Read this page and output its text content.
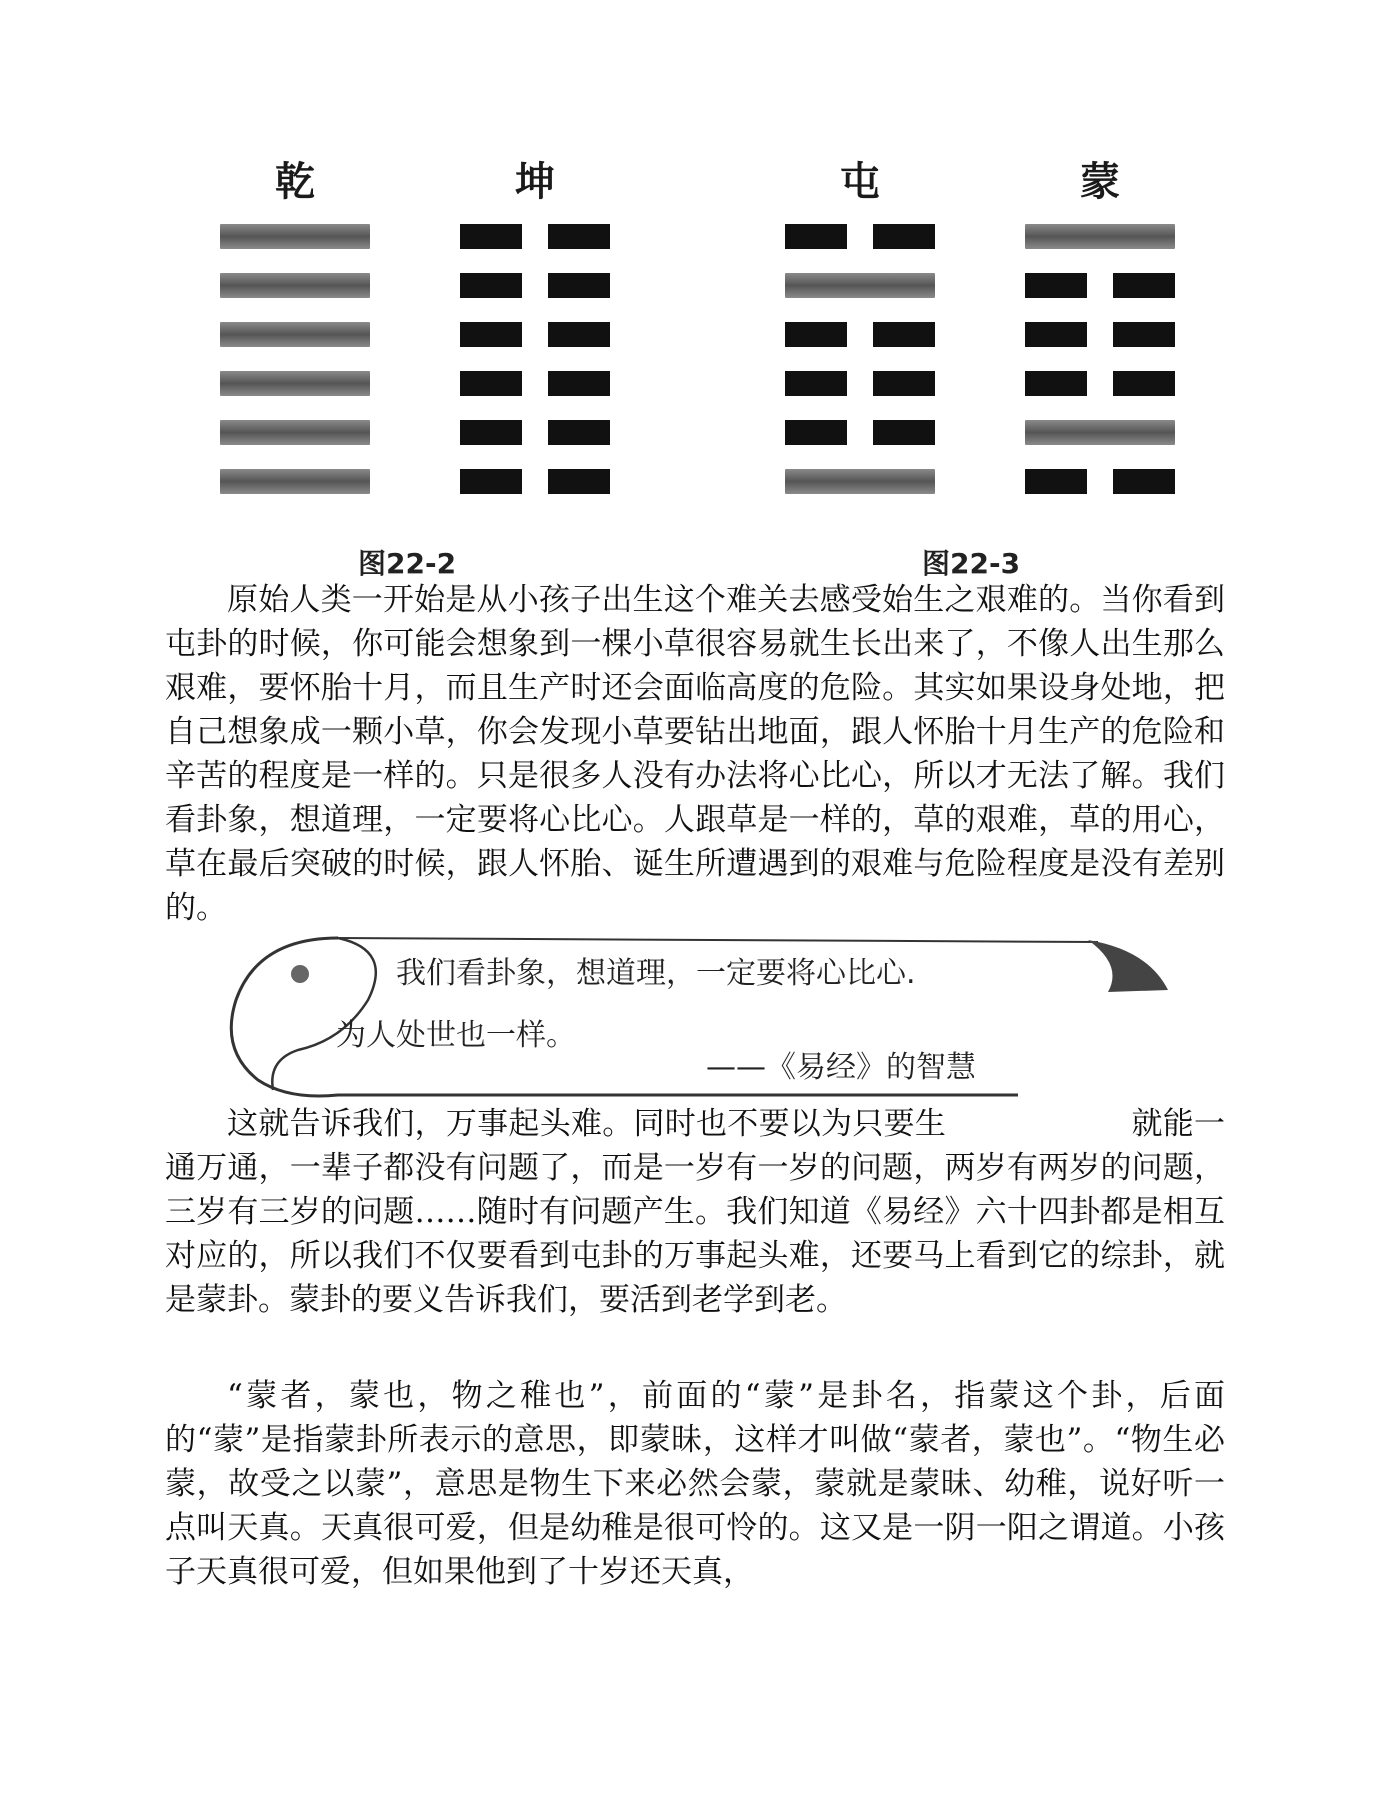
乾	坤	屯	蒙
图22-2	图22-3

原始人类一开始是从小孩子出生这个难关去感受始生之艰难的。当你看到屯卦的时候，你可能会想象到一棵小草很容易就生长出来了，不像人出生那么艰难，要怀胎十月，而且生产时还会面临高度的危险。其实如果设身处地，把自己想象成一颗小草，你会发现小草要钻出地面，跟人怀胎十月生产的危险和辛苦的程度是一样的。只是很多人没有办法将心比心，所以才无法了解。我们看卦象，想道理，一定要将心比心。人跟草是一样的，草的艰难，草的用心，草在最后突破的时候，跟人怀胎、诞生所遭遇到的艰难与危险程度是没有差别的。

我们看卦象，想道理，一定要将心比心.
为人处世也一样。
——《易经》的智慧

这就告诉我们，万事起头难。同时也不要以为只要生	就能一通万通，一辈子都没有问题了，而是一岁有一岁的问题，两岁有两岁的问题，三岁有三岁的问题……随时有问题产生。我们知道《易经》六十四卦都是相互对应的，所以我们不仅要看到屯卦的万事起头难，还要马上看到它的综卦，就是蒙卦。蒙卦的要义告诉我们，要活到老学到老。

“蒙者，蒙也，物之稚也”，前面的“蒙”是卦名，指蒙这个卦，后面的“蒙”是指蒙卦所表示的意思，即蒙昧，这样才叫做“蒙者，蒙也”。“物生必蒙，故受之以蒙”，意思是物生下来必然会蒙，蒙就是蒙昧、幼稚，说好听一点叫天真。天真很可爱，但是幼稚是很可怜的。这又是一阴一阳之谓道。小孩子天真很可爱，但如果他到了十岁还天真，
